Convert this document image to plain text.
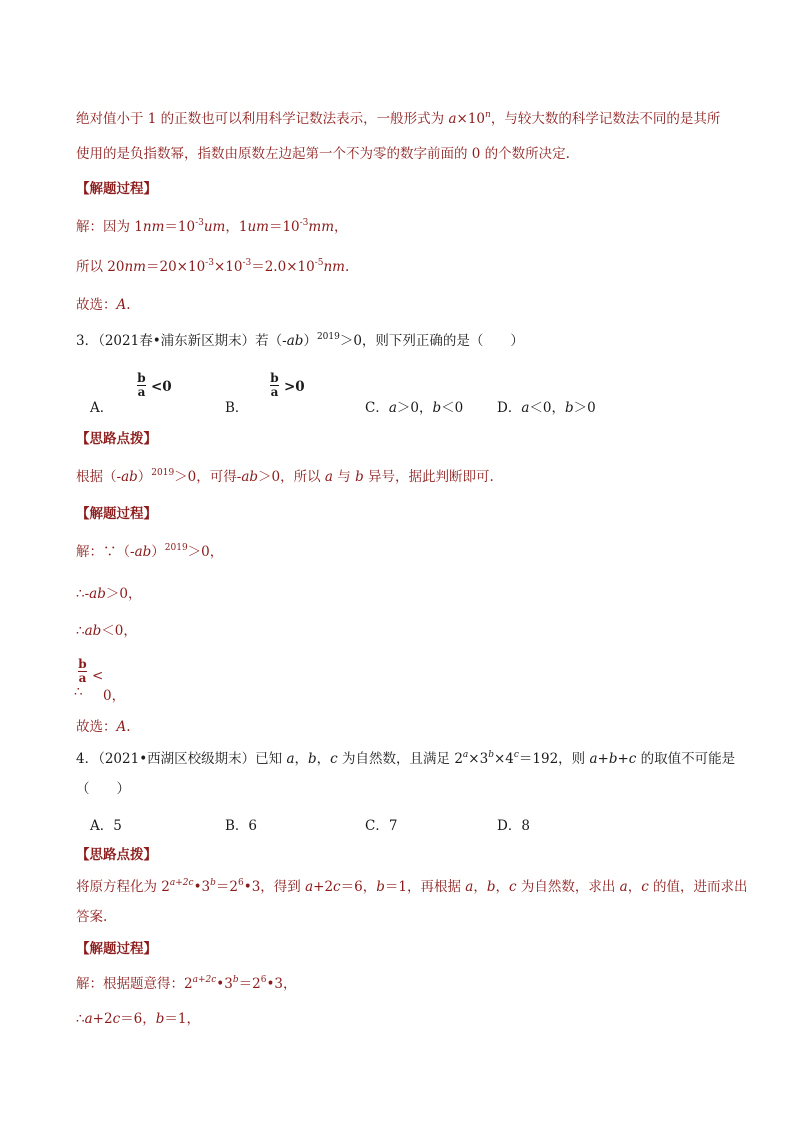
绝对值小于 1 的正数也可以利用科学记数法表示，一般形式为 $a\times 10^n$，与较大数的科学记数法不同的是其所
使用的是负指数幂，指数由原数左边起第一个不为零的数字前面的 0 的个数所决定.
【解题过程】
解：因为 $1nm=10^{-3}um$，$1um=10^{-3}mm$，
所以 $20nm=20\times 10^{-3}\times 10^{-3}=2.0\times 10^{-5}nm$.
故选：A.
3．（2021春•浦东新区期末）若$(-ab)^{2019}>0$，则下列正确的是（　　）
A．
b
a <0
B．
b
a >0
C．a＞0，b＜0	D．a＜0，b＞0
【思路点拨】
根据$(-ab)^{2019}>0$，可得-ab＞0，所以 a 与 b 异号，据此判断即可.
【解题过程】
解：$\because(-ab)^{2019}>0$，
∴-ab＞0，
∴ab＜0，
b
a <
∴ 0，
故选：A.
4．（2021•西湖区校级期末）已知 a，b，c 为自然数，且满足 $2^a\times 3^b\times 4^c=192$，则 a+b+c 的取值不可能是
（　　）
A．5	B．6	C．7	D．8
【思路点拨】
将原方程化为 $2^{a+2c}•3^b=2^6•3$，得到 a+2c＝6，b＝1，再根据 a，b，c 为自然数，求出 a，c 的值，进而求出
答案.
【解题过程】
解：根据题意得：$2^{a+2c}•3^b=2^6•3$，
∴a+2c＝6，b＝1，
